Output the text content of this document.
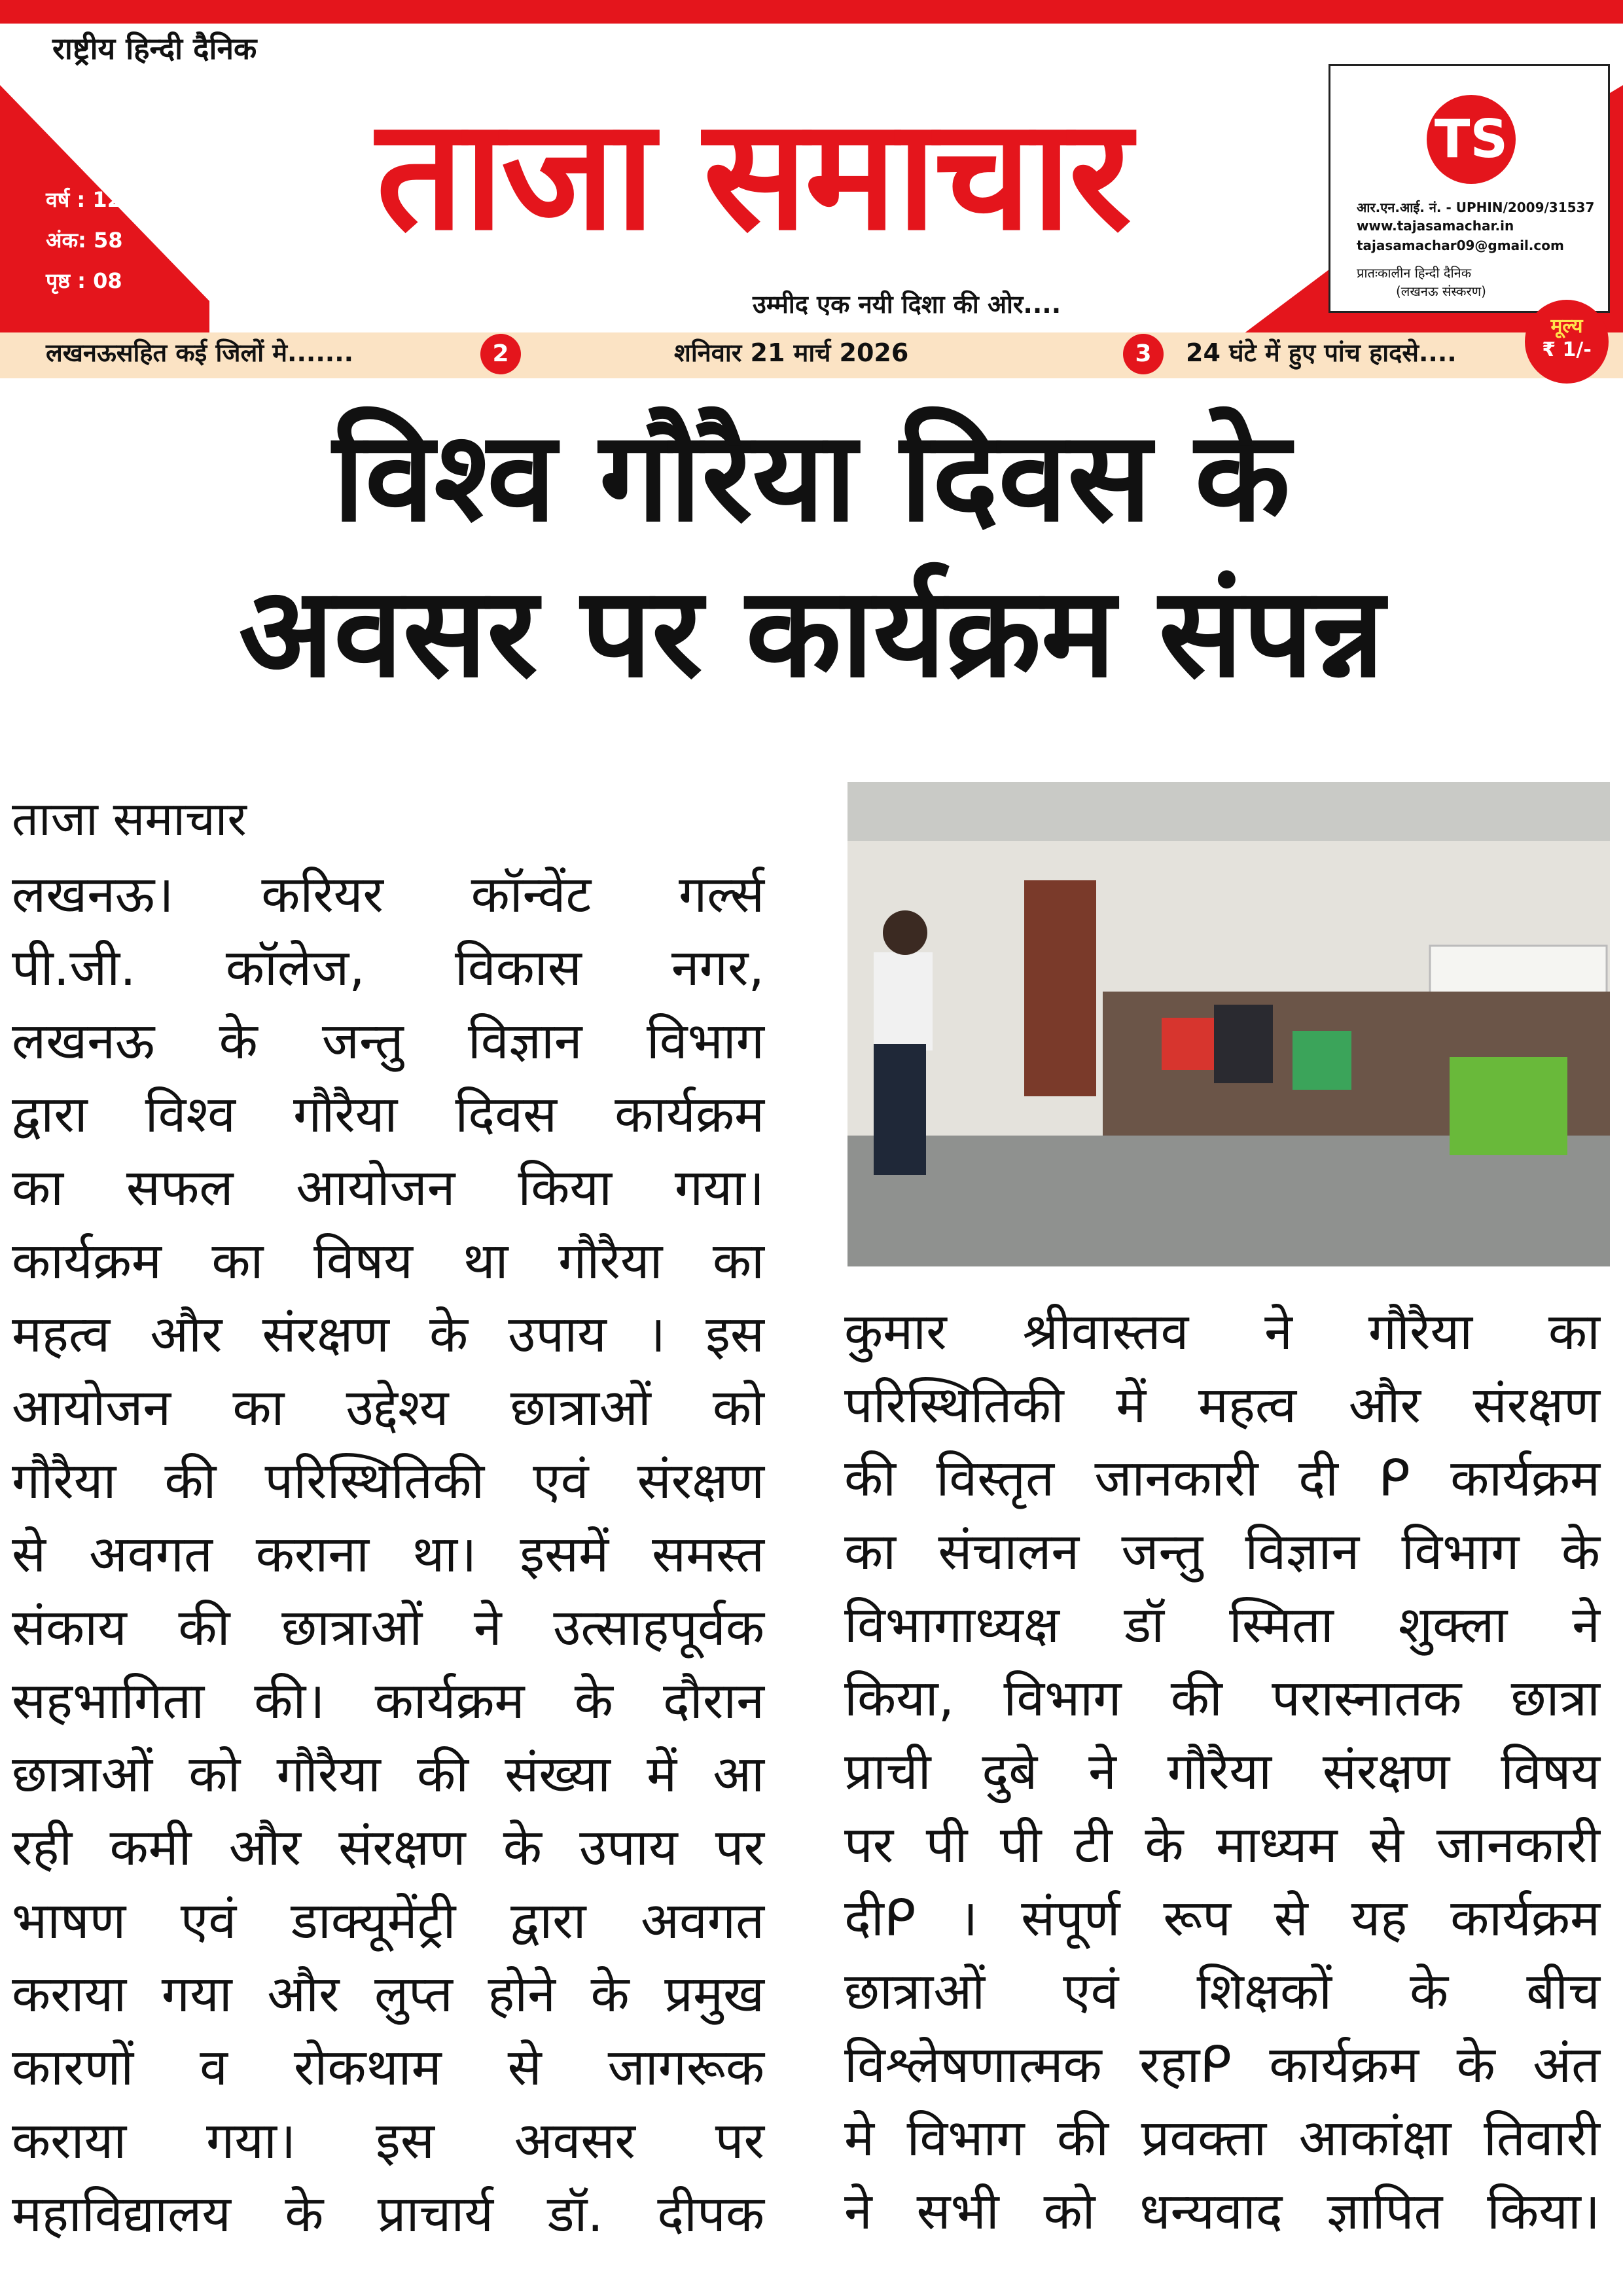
राष्ट्रीय हिन्दी दैनिक
वर्ष : 12
अंक: 58
पृष्ठ : 08
ताजा समाचार
उम्मीद एक नयी दिशा की ओर....
TS
आर.एन.आई. नं. - UPHIN/2009/31537
www.tajasamachar.in
tajasamachar09@gmail.com
प्रातःकालीन हिन्दी दैनिक
(लखनऊ संस्करण)
लखनऊसहित कई जिलों मे.......	2	शनिवार 21 मार्च 2026	3	24 घंटे में हुए पांच हादसे....
मूल्य
₹ 1/-
विश्व गौरैया दिवस के
अवसर पर कार्यक्रम संपन्न
ताजा समाचार
लखनऊ। करियर कॉन्वेंट गर्ल्स
पी.जी. कॉलेज, विकास नगर,
लखनऊ के जन्तु विज्ञान विभाग
द्वारा विश्व गौरैया दिवस कार्यक्रम
का सफल आयोजन किया गया।
कार्यक्रम का विषय था गौरैया का
महत्व और संरक्षण के उपाय । इस
आयोजन का उद्देश्य छात्राओं को
गौरैया की परिस्थितिकी एवं संरक्षण
से अवगत कराना था। इसमें समस्त
संकाय की छात्राओं ने उत्साहपूर्वक
सहभागिता की। कार्यक्रम के दौरान
छात्राओं को गौरैया की संख्या में आ
रही कमी और संरक्षण के उपाय पर
भाषण एवं डाक्यूमेंट्री द्वारा अवगत
कराया गया और लुप्त होने के प्रमुख
कारणों व रोकथाम से जागरूक
कराया गया। इस अवसर पर
महाविद्यालय के प्राचार्य डॉ. दीपक
कुमार श्रीवास्तव ने गौरैया का
परिस्थितिकी में महत्व और संरक्षण
की विस्तृत जानकारी दी ᑭ कार्यक्रम
का संचालन जन्तु विज्ञान विभाग के
विभागाध्यक्ष डॉ स्मिता शुक्ला ने
किया, विभाग की परास्नातक छात्रा
प्राची दुबे ने गौरैया संरक्षण विषय
पर पी पी टी के माध्यम से जानकारी
दीᑭ । संपूर्ण रूप से यह कार्यक्रम
छात्राओं एवं शिक्षकों के बीच
विश्लेषणात्मक रहाᑭ कार्यक्रम के अंत
मे विभाग की प्रवक्ता आकांक्षा तिवारी
ने सभी को धन्यवाद ज्ञापित किया।
